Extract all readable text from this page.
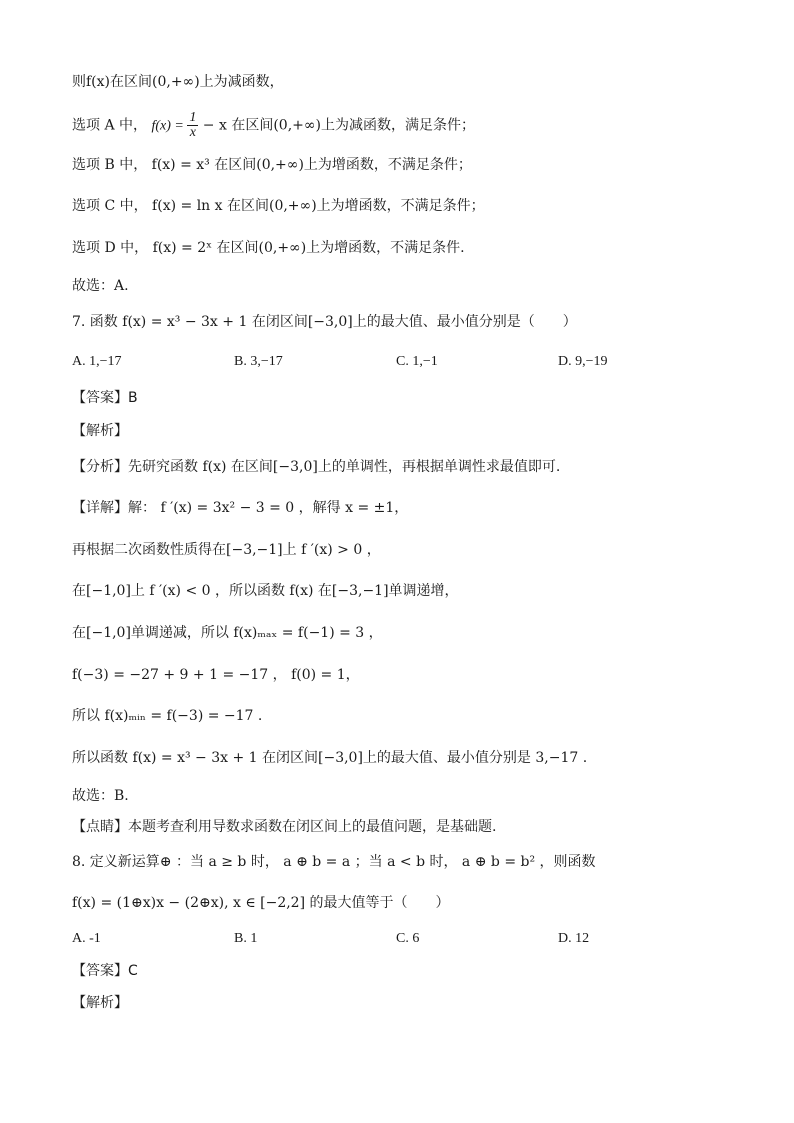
则f(x)在区间(0,+∞)上为减函数，
选项 A 中， $f(x) = \frac{1}{x} - x$ 在区间(0,+∞)上为减函数，满足条件；
选项 B 中， f(x) = x³ 在区间(0,+∞)上为增函数，不满足条件；
选项 C 中， f(x) = ln x 在区间(0,+∞)上为增函数，不满足条件；
选项 D 中， f(x) = 2ˣ 在区间(0,+∞)上为增函数，不满足条件.
故选：A.
7. 函数 f(x) = x³ − 3x + 1 在闭区间[−3,0]上的最大值、最小值分别是（　　）
A. 1,−17	B. 3,−17	C. 1,−1	D. 9,−19
【答案】B
【解析】
【分析】先研究函数 f(x) 在区间[−3,0]上的单调性，再根据单调性求最值即可.
【详解】解： f ′(x) = 3x² − 3 = 0 ，解得 x = ±1，
再根据二次函数性质得在[−3,−1]上 f ′(x) > 0 ，
在[−1,0]上 f ′(x) < 0 ，所以函数 f(x) 在[−3,−1]单调递增，
在[−1,0]单调递减，所以 f(x)ₘₐₓ = f(−1) = 3 ，
f(−3) = −27 + 9 + 1 = −17 ， f(0) = 1，
所以 f(x)ₘᵢₙ = f(−3) = −17 .
所以函数 f(x) = x³ − 3x + 1 在闭区间[−3,0]上的最大值、最小值分别是 3,−17 .
故选：B.
【点睛】本题考查利用导数求函数在闭区间上的最值问题，是基础题.
8. 定义新运算⊕ ：当 a ≥ b 时， a ⊕ b = a ；当 a < b 时， a ⊕ b = b² ，则函数
f(x) = (1⊕x)x − (2⊕x), x ∈ [−2,2] 的最大值等于（　　）
A. -1	B. 1	C. 6	D. 12
【答案】C
【解析】
